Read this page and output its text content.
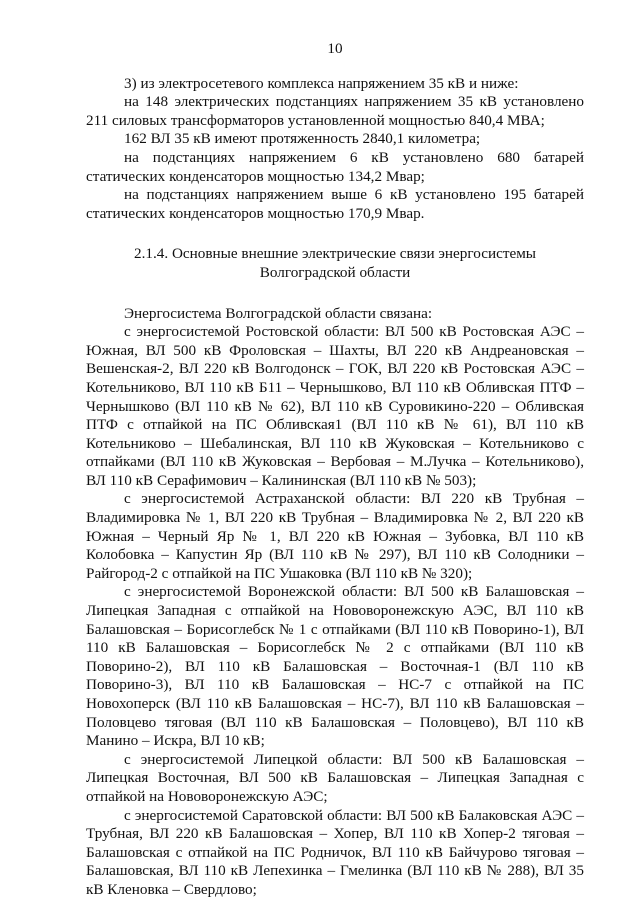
10

3) из электросетевого комплекса напряжением 35 кВ и ниже:

на 148 электрических подстанциях напряжением 35 кВ установлено 211 силовых трансформаторов установленной мощностью 840,4 МВА;

162 ВЛ 35 кВ имеют протяженность 2840,1 километра;

на подстанциях напряжением 6 кВ установлено 680 батарей статических конденсаторов мощностью 134,2 Мвар;

на подстанциях напряжением выше 6 кВ установлено 195 батарей статических конденсаторов мощностью 170,9 Мвар.

2.1.4. Основные внешние электрические связи энергосистемы
Волгоградской области

Энергосистема Волгоградской области связана:

с энергосистемой Ростовской области: ВЛ 500 кВ Ростовская АЭС – Южная, ВЛ 500 кВ Фроловская – Шахты, ВЛ 220 кВ Андреановская – Вешенская-2, ВЛ 220 кВ Волгодонск – ГОК, ВЛ 220 кВ Ростовская АЭС – Котельниково, ВЛ 110 кВ Б11 – Чернышково, ВЛ 110 кВ Обливская ПТФ – Чернышково (ВЛ 110 кВ № 62), ВЛ 110 кВ Суровикино-220 – Обливская ПТФ с отпайкой на ПС Обливская1 (ВЛ 110 кВ № 61), ВЛ 110 кВ Котельниково – Шебалинская, ВЛ 110 кВ Жуковская – Котельниково с отпайками (ВЛ 110 кВ Жуковская – Вербовая – М.Лучка – Котельниково), ВЛ 110 кВ Серафимович – Калининская (ВЛ 110 кВ № 503);

с энергосистемой Астраханской области: ВЛ 220 кВ Трубная – Владимировка № 1, ВЛ 220 кВ Трубная – Владимировка № 2, ВЛ 220 кВ Южная – Черный Яр № 1, ВЛ 220 кВ Южная – Зубовка, ВЛ 110 кВ Колобовка – Капустин Яр (ВЛ 110 кВ № 297), ВЛ 110 кВ Солодники – Райгород-2 с отпайкой на ПС Ушаковка (ВЛ 110 кВ № 320);

с энергосистемой Воронежской области: ВЛ 500 кВ Балашовская – Липецкая Западная с отпайкой на Нововоронежскую АЭС, ВЛ 110 кВ Балашовская – Борисоглебск № 1 с отпайками (ВЛ 110 кВ Поворино-1), ВЛ 110 кВ Балашовская – Борисоглебск № 2 с отпайками (ВЛ 110 кВ Поворино-2), ВЛ 110 кВ Балашовская – Восточная-1 (ВЛ 110 кВ Поворино-3), ВЛ 110 кВ Балашовская – НС-7 с отпайкой на ПС Новохоперск (ВЛ 110 кВ Балашовская – НС-7), ВЛ 110 кВ Балашовская – Половцево тяговая (ВЛ 110 кВ Балашовская – Половцево), ВЛ 110 кВ Манино – Искра, ВЛ 10 кВ;

с энергосистемой Липецкой области: ВЛ 500 кВ Балашовская – Липецкая Восточная, ВЛ 500 кВ Балашовская – Липецкая Западная с отпайкой на Нововоронежскую АЭС;

с энергосистемой Саратовской области: ВЛ 500 кВ Балаковская АЭС – Трубная, ВЛ 220 кВ Балашовская – Хопер, ВЛ 110 кВ Хопер-2 тяговая – Балашовская с отпайкой на ПС Родничок, ВЛ 110 кВ Байчурово тяговая – Балашовская, ВЛ 110 кВ Лепехинка – Гмелинка (ВЛ 110 кВ № 288), ВЛ 35 кВ Кленовка – Свердлово;
